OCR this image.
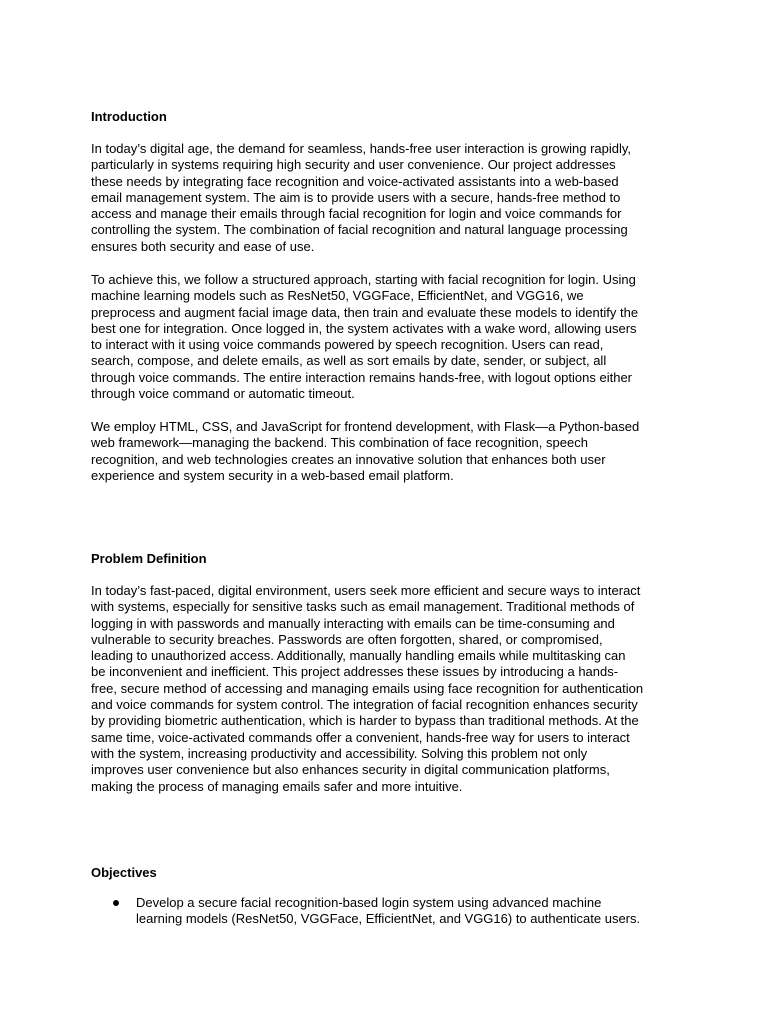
Introduction

In today’s digital age, the demand for seamless, hands-free user interaction is growing rapidly,
particularly in systems requiring high security and user convenience. Our project addresses
these needs by integrating face recognition and voice-activated assistants into a web-based
email management system. The aim is to provide users with a secure, hands-free method to
access and manage their emails through facial recognition for login and voice commands for
controlling the system. The combination of facial recognition and natural language processing
ensures both security and ease of use.

To achieve this, we follow a structured approach, starting with facial recognition for login. Using
machine learning models such as ResNet50, VGGFace, EfficientNet, and VGG16, we
preprocess and augment facial image data, then train and evaluate these models to identify the
best one for integration. Once logged in, the system activates with a wake word, allowing users
to interact with it using voice commands powered by speech recognition. Users can read,
search, compose, and delete emails, as well as sort emails by date, sender, or subject, all
through voice commands. The entire interaction remains hands-free, with logout options either
through voice command or automatic timeout.

We employ HTML, CSS, and JavaScript for frontend development, with Flask—a Python-based
web framework—managing the backend. This combination of face recognition, speech
recognition, and web technologies creates an innovative solution that enhances both user
experience and system security in a web-based email platform.

Problem Definition

In today’s fast-paced, digital environment, users seek more efficient and secure ways to interact
with systems, especially for sensitive tasks such as email management. Traditional methods of
logging in with passwords and manually interacting with emails can be time-consuming and
vulnerable to security breaches. Passwords are often forgotten, shared, or compromised,
leading to unauthorized access. Additionally, manually handling emails while multitasking can
be inconvenient and inefficient. This project addresses these issues by introducing a hands-
free, secure method of accessing and managing emails using face recognition for authentication
and voice commands for system control. The integration of facial recognition enhances security
by providing biometric authentication, which is harder to bypass than traditional methods. At the
same time, voice-activated commands offer a convenient, hands-free way for users to interact
with the system, increasing productivity and accessibility. Solving this problem not only
improves user convenience but also enhances security in digital communication platforms,
making the process of managing emails safer and more intuitive.

Objectives
Develop a secure facial recognition-based login system using advanced machine
learning models (ResNet50, VGGFace, EfficientNet, and VGG16) to authenticate users.
